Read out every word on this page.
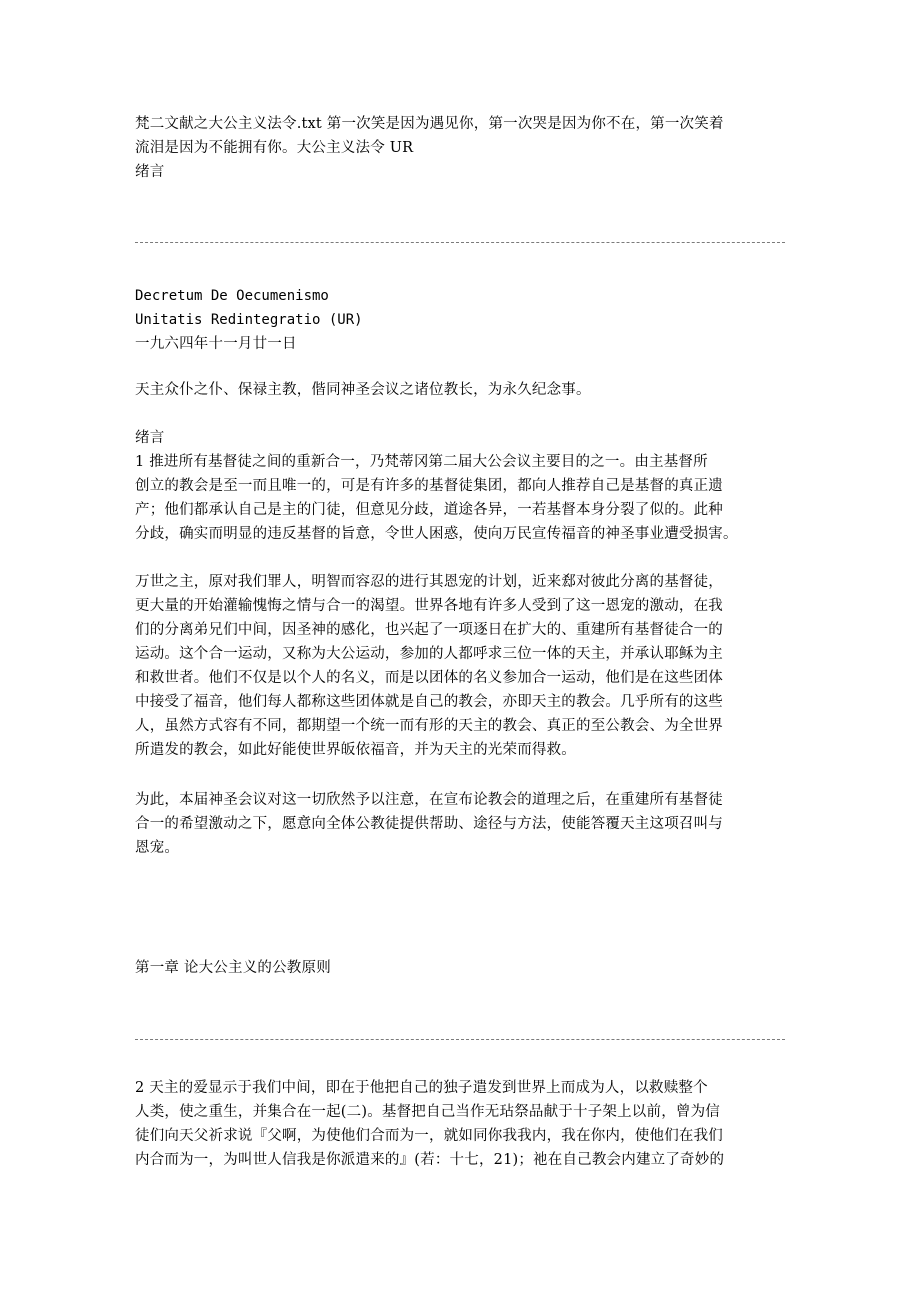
梵二文献之大公主义法令.txt 第一次笑是因为遇见你，第一次哭是因为你不在，第一次笑着
流泪是因为不能拥有你。大公主义法令 UR
绪言
Decretum De Oecumenismo
Unitatis Redintegratio (UR)
一九六四年十一月廿一日
天主众仆之仆、保禄主教，偕同神圣会议之诸位教长，为永久纪念事。
绪言
1 推进所有基督徒之间的重新合一，乃梵蒂冈第二届大公会议主要目的之一。由主基督所
创立的教会是至一而且唯一的，可是有许多的基督徒集团，都向人推荐自己是基督的真正遗
产；他们都承认自己是主的门徒，但意见分歧，道途各异，一若基督本身分裂了似的。此种
分歧，确实而明显的违反基督的旨意，令世人困惑，使向万民宣传福音的神圣事业遭受损害。
万世之主，原对我们罪人，明智而容忍的进行其恩宠的计划，近来郄对彼此分离的基督徒，
更大量的开始灌输愧悔之情与合一的渴望。世界各地有许多人受到了这一恩宠的激动，在我
们的分离弟兄们中间，因圣神的感化，也兴起了一项逐日在扩大的、重建所有基督徒合一的
运动。这个合一运动，又称为大公运动，参加的人都呼求三位一体的天主，并承认耶稣为主
和救世者。他们不仅是以个人的名义，而是以团体的名义参加合一运动，他们是在这些团体
中接受了福音，他们每人都称这些团体就是自己的教会，亦即天主的教会。几乎所有的这些
人，虽然方式容有不同，都期望一个统一而有形的天主的教会、真正的至公教会、为全世界
所遣发的教会，如此好能使世界皈依福音，并为天主的光荣而得救。
为此，本届神圣会议对这一切欣然予以注意，在宣布论教会的道理之后，在重建所有基督徒
合一的希望激动之下，愿意向全体公教徒提供帮助、途径与方法，使能答覆天主这项召叫与
恩宠。
第一章 论大公主义的公教原则
2 天主的爱显示于我们中间，即在于他把自己的独子遣发到世界上而成为人，以救赎整个
人类，使之重生，并集合在一起(二)。基督把自己当作无玷祭品献于十子架上以前，曾为信
徒们向天父祈求说『父啊，为使他们合而为一，就如同你我我内，我在你内，使他们在我们
内合而为一，为叫世人信我是你派遣来的』(若：十七，21)；祂在自己教会内建立了奇妙的
